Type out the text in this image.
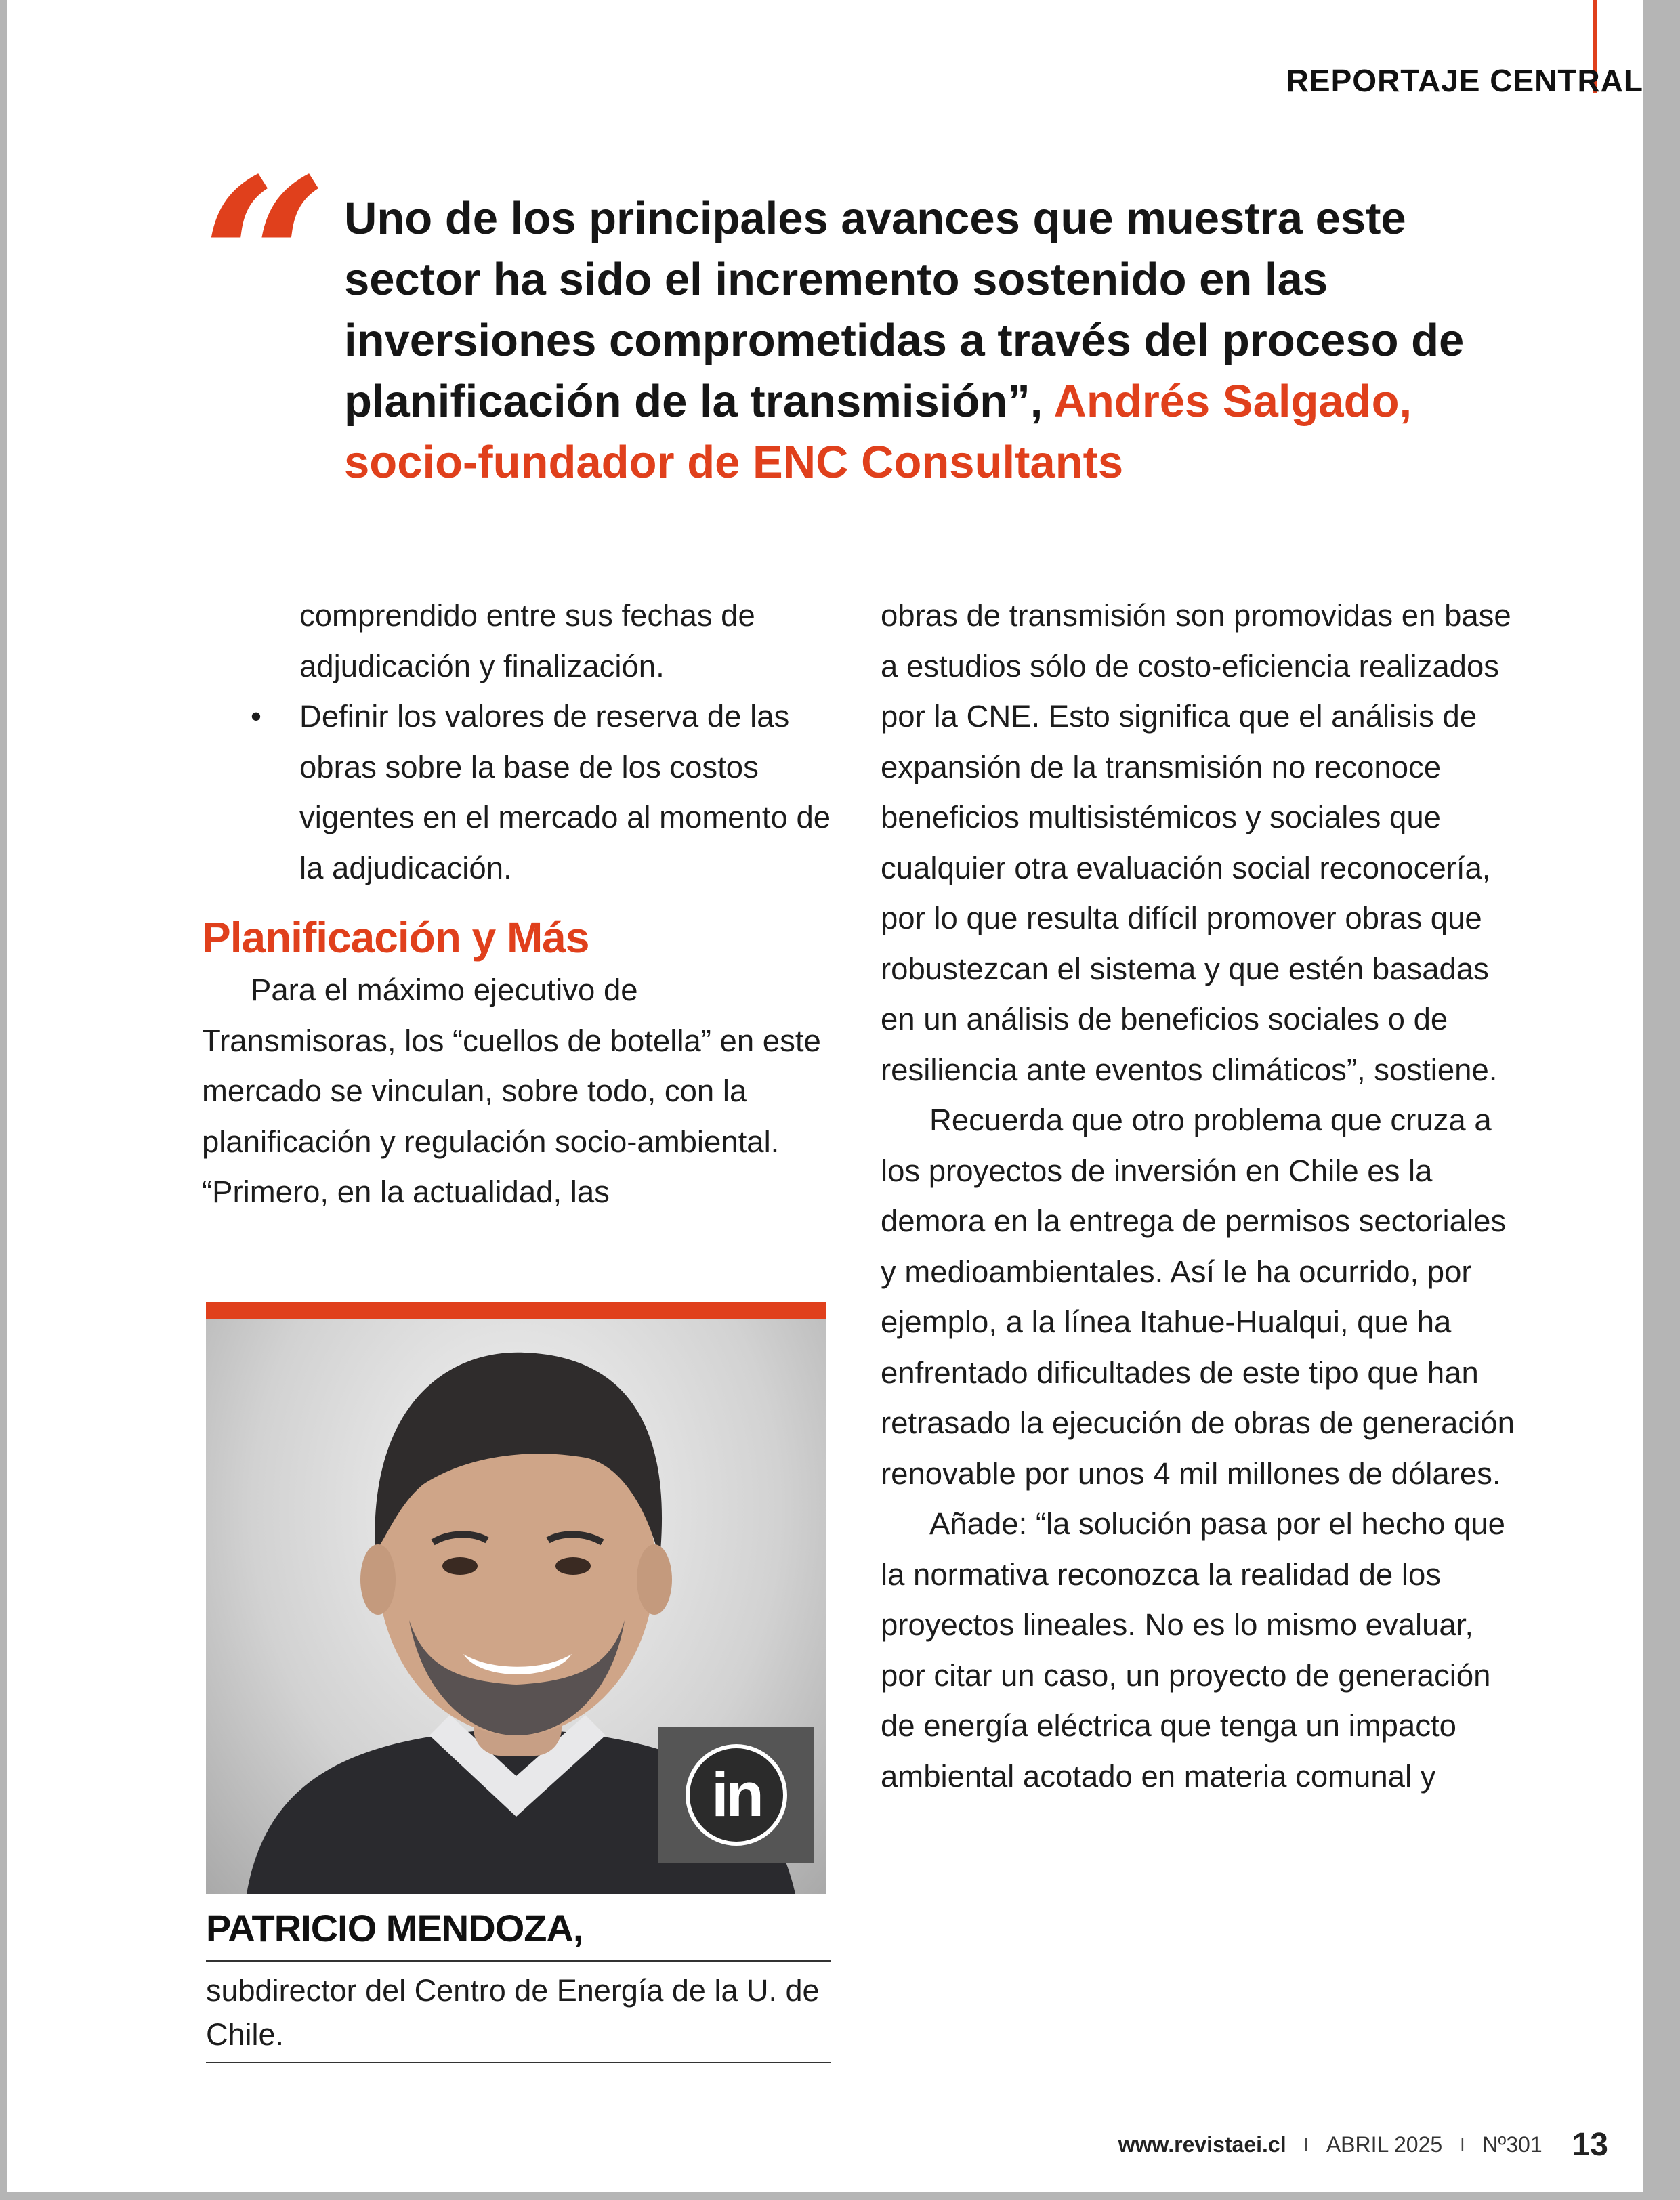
REPORTAJE CENTRAL
“ Uno de los principales avances que muestra este sector ha sido el incremento sostenido en las inversiones comprometidas a través del proceso de planificación de la transmisión”, Andrés Salgado, socio-fundador de ENC Consultants
comprendido entre sus fechas de adjudicación y finalización.
• Definir los valores de reserva de las obras sobre la base de los costos vigentes en el mercado al momento de la adjudicación.
Planificación y Más

Para el máximo ejecutivo de Transmisoras, los “cuellos de botella” en este mercado se vinculan, sobre todo, con la planificación y regulación socio-ambiental. “Primero, en la actualidad, las

in
PATRICIO MENDOZA,
subdirector del Centro de Energía de la U. de Chile.

obras de transmisión son promovidas en base a estudios sólo de costo-eficiencia realizados por la CNE. Esto significa que el análisis de expansión de la transmisión no reconoce beneficios multisistémicos y sociales que cualquier otra evaluación social reconocería, por lo que resulta difícil promover obras que robustezcan el sistema y que estén basadas en un análisis de beneficios sociales o de resiliencia ante eventos climáticos”, sostiene.

Recuerda que otro problema que cruza a los proyectos de inversión en Chile es la demora en la entrega de permisos sectoriales y medioambientales. Así le ha ocurrido, por ejemplo, a la línea Itahue-Hualqui, que ha enfrentado dificultades de este tipo que han retrasado la ejecución de obras de generación renovable por unos 4 mil millones de dólares.

Añade: “la solución pasa por el hecho que la normativa reconozca la realidad de los proyectos lineales. No es lo mismo evaluar, por citar un caso, un proyecto de generación de energía eléctrica que tenga un impacto ambiental acotado en materia comunal y

www.revistaei.cl I ABRIL 2025 I Nº301 13
